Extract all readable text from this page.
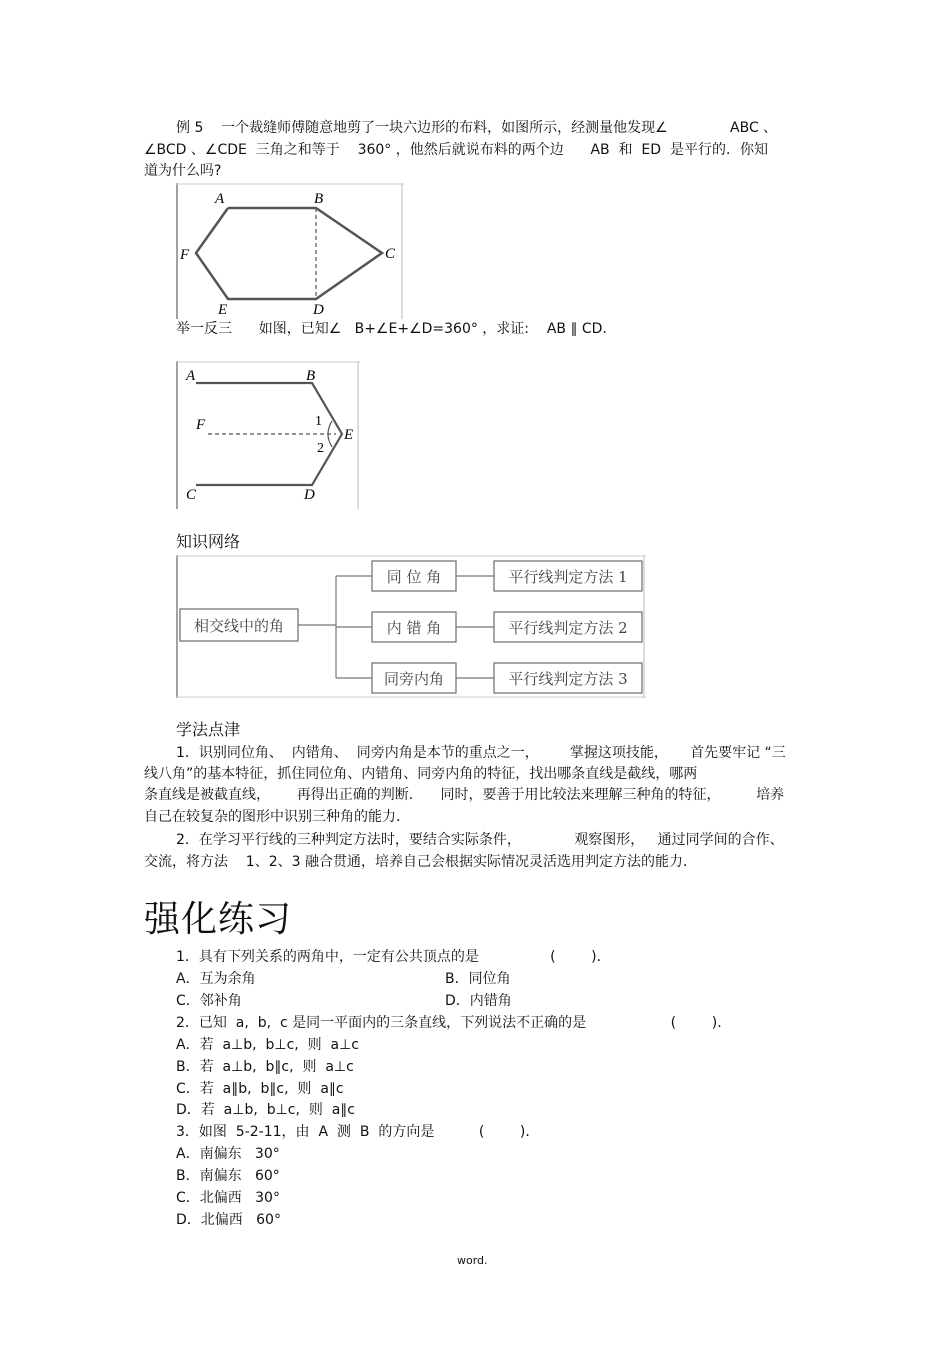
例 5    一个裁缝师傅随意地剪了一块六边形的布料，如图所示，经测量他发现∠              ABC 、
∠BCD 、∠CDE  三角之和等于    360° ，他然后就说布料的两个边      AB  和  ED  是平行的．你知
道为什么吗?
A	B
C
D
E
F
举一反三      如图，已知∠   B+∠E+∠D=360° ，求证:    AB ∥ CD．
A	B
F	1
E
2
C	D
知识网络
相交线中的角
同 位 角
内 错 角
同旁内角
平行线判定方法 1
平行线判定方法 2
平行线判定方法 3
学法点津
1．识别同位角、  内错角、  同旁内角是本节的重点之一，       掌握这项技能，     首先要牢记 “三
线八角”的基本特征，抓住同位角、内错角、同旁内角的特征，找出哪条直线是截线，哪两
条直线是被截直线，      再得出正确的判断．    同时，要善于用比较法来理解三种角的特征，        培养
自己在较复杂的图形中识别三种角的能力．
2．在学习平行线的三种判定方法时，要结合实际条件，            观察图形，   通过同学间的合作、
交流，将方法    1、2、3 融合贯通，培养自己会根据实际情况灵活选用判定方法的能力．
强化练习
1．具有下列关系的两角中，一定有公共顶点的是                (        )．
A．互为余角	B．同位角
C．邻补角	D．内错角
2．已知  a,  b,  c 是同一平面内的三条直线，下列说法不正确的是                   (        )．
A．若  a⊥b,  b⊥c,  则  a⊥c
B．若  a⊥b,  b∥c,  则  a⊥c
C．若  a∥b,  b∥c,  则  a∥c
D．若  a⊥b,  b⊥c,  则  a∥c
3．如图  5-2-11，由  A  测  B  的方向是          (        )．
A．南偏东   30°
B．南偏东   60°
C．北偏西   30°
D．北偏西   60°
word.
